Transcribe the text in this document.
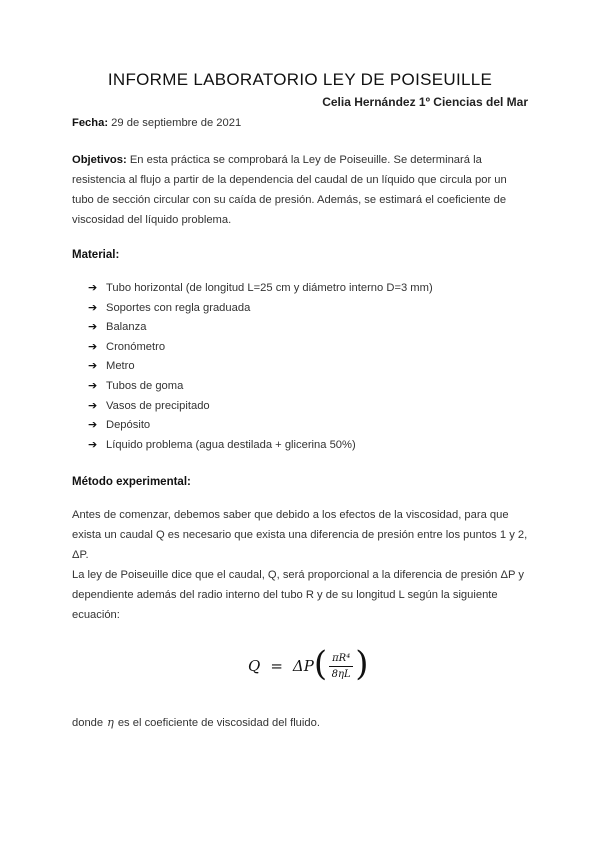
INFORME LABORATORIO LEY DE POISEUILLE
Celia Hernández 1º Ciencias del Mar
Fecha: 29 de septiembre de 2021
Objetivos: En esta práctica se comprobará la Ley de Poiseuille. Se determinará la resistencia al flujo a partir de la dependencia del caudal de un líquido que circula por un tubo de sección circular con su caída de presión. Además, se estimará el coeficiente de viscosidad del líquido problema.
Material:
➔ Tubo horizontal (de longitud L=25 cm y diámetro interno D=3 mm)
➔ Soportes con regla graduada
➔ Balanza
➔ Cronómetro
➔ Metro
➔ Tubos de goma
➔ Vasos de precipitado
➔ Depósito
➔ Líquido problema (agua destilada + glicerina 50%)
Método experimental:
Antes de comenzar, debemos saber que debido a los efectos de la viscosidad, para que exista un caudal Q es necesario que exista una diferencia de presión entre los puntos 1 y 2, ΔP.
La ley de Poiseuille dice que el caudal, Q, será proporcional a la diferencia de presión ΔP y dependiente además del radio interno del tubo R y de su longitud L según la siguiente ecuación:
Q = ΔP ( $\frac{\text{πR⁴}}{8\eta L}$ )
donde η es el coeficiente de viscosidad del fluido.
